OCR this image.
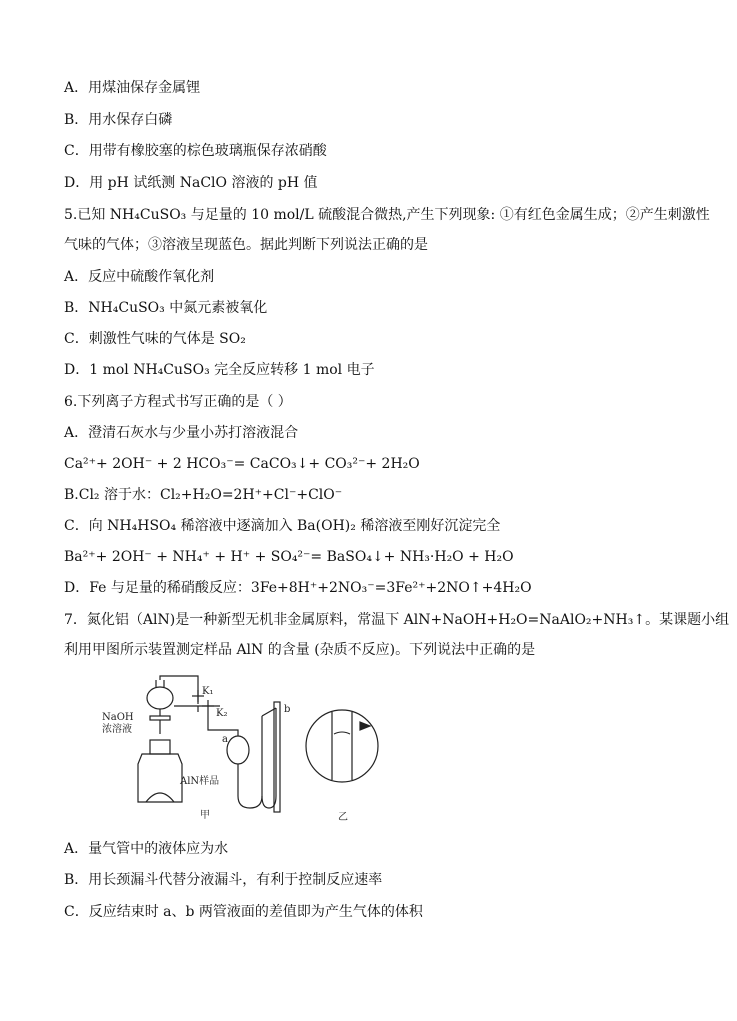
A．用煤油保存金属锂
B．用水保存白磷
C．用带有橡胶塞的棕色玻璃瓶保存浓硝酸
D．用 pH 试纸测 NaClO 溶液的 pH 值
5.已知 NH₄CuSO₃ 与足量的 10 mol/L 硫酸混合微热,产生下列现象: ①有红色金属生成；②产生刺激性
气味的气体；③溶液呈现蓝色。据此判断下列说法正确的是
A．反应中硫酸作氧化剂
B．NH₄CuSO₃ 中氮元素被氧化
C．刺激性气味的气体是 SO₂
D．1 mol NH₄CuSO₃ 完全反应转移 1 mol 电子
6.下列离子方程式书写正确的是（ ）
A．澄清石灰水与少量小苏打溶液混合
Ca²⁺+ 2OH⁻ + 2 HCO₃⁻= CaCO₃↓+ CO₃²⁻+ 2H₂O
B.Cl₂ 溶于水：Cl₂+H₂O=2H⁺+Cl⁻+ClO⁻
C．向 NH₄HSO₄ 稀溶液中逐滴加入 Ba(OH)₂ 稀溶液至刚好沉淀完全
Ba²⁺+ 2OH⁻ + NH₄⁺ + H⁺ + SO₄²⁻= BaSO₄↓+ NH₃·H₂O + H₂O
D．Fe 与足量的稀硝酸反应：3Fe+8H⁺+2NO₃⁻=3Fe²⁺+2NO↑+4H₂O
7．氮化铝（AlN)是一种新型无机非金属原料，常温下 AlN+NaOH+H₂O=NaAlO₂+NH₃↑。某课题小组
利用甲图所示装置测定样品 AlN 的含量 (杂质不反应)。下列说法中正确的是
NaOH
浓溶液
K₁
K₂
a
b
AlN样品
甲	乙
A．量气管中的液体应为水
B．用长颈漏斗代替分液漏斗，有利于控制反应速率
C．反应结束时 a、b 两管液面的差值即为产生气体的体积
